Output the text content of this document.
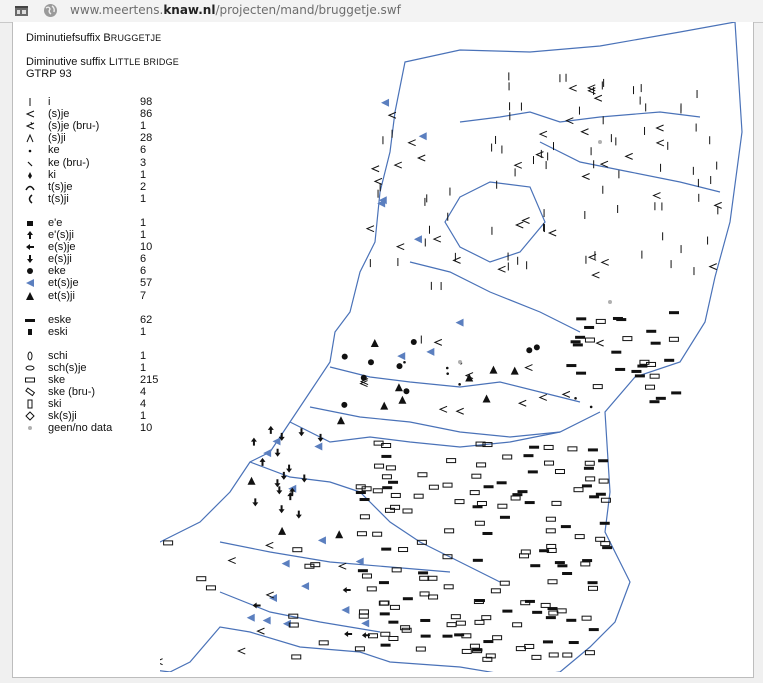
www.meertens.knaw.nl/projecten/mand/bruggetje.swf
Diminutiefsuffix BRUGGETJE
Diminutive suffix LITTLE BRIDGE
GTRP 93
i	98
(s)je	86
(s)je (bru-)	1
(s)ji	28
ke	6
ke (bru-)	3
ki	1
t(s)je	2
t(s)ji	1
e'e	1
e'(s)ji	1
e(s)je	10
e(s)ji	6
eke	6
et(s)je	57
et(s)ji	7
eske	62
eski	1
schi	1
sch(s)je	1
ske	215
ske (bru-)	4
ski	4
sk(s)ji	1
geen/no data	10
